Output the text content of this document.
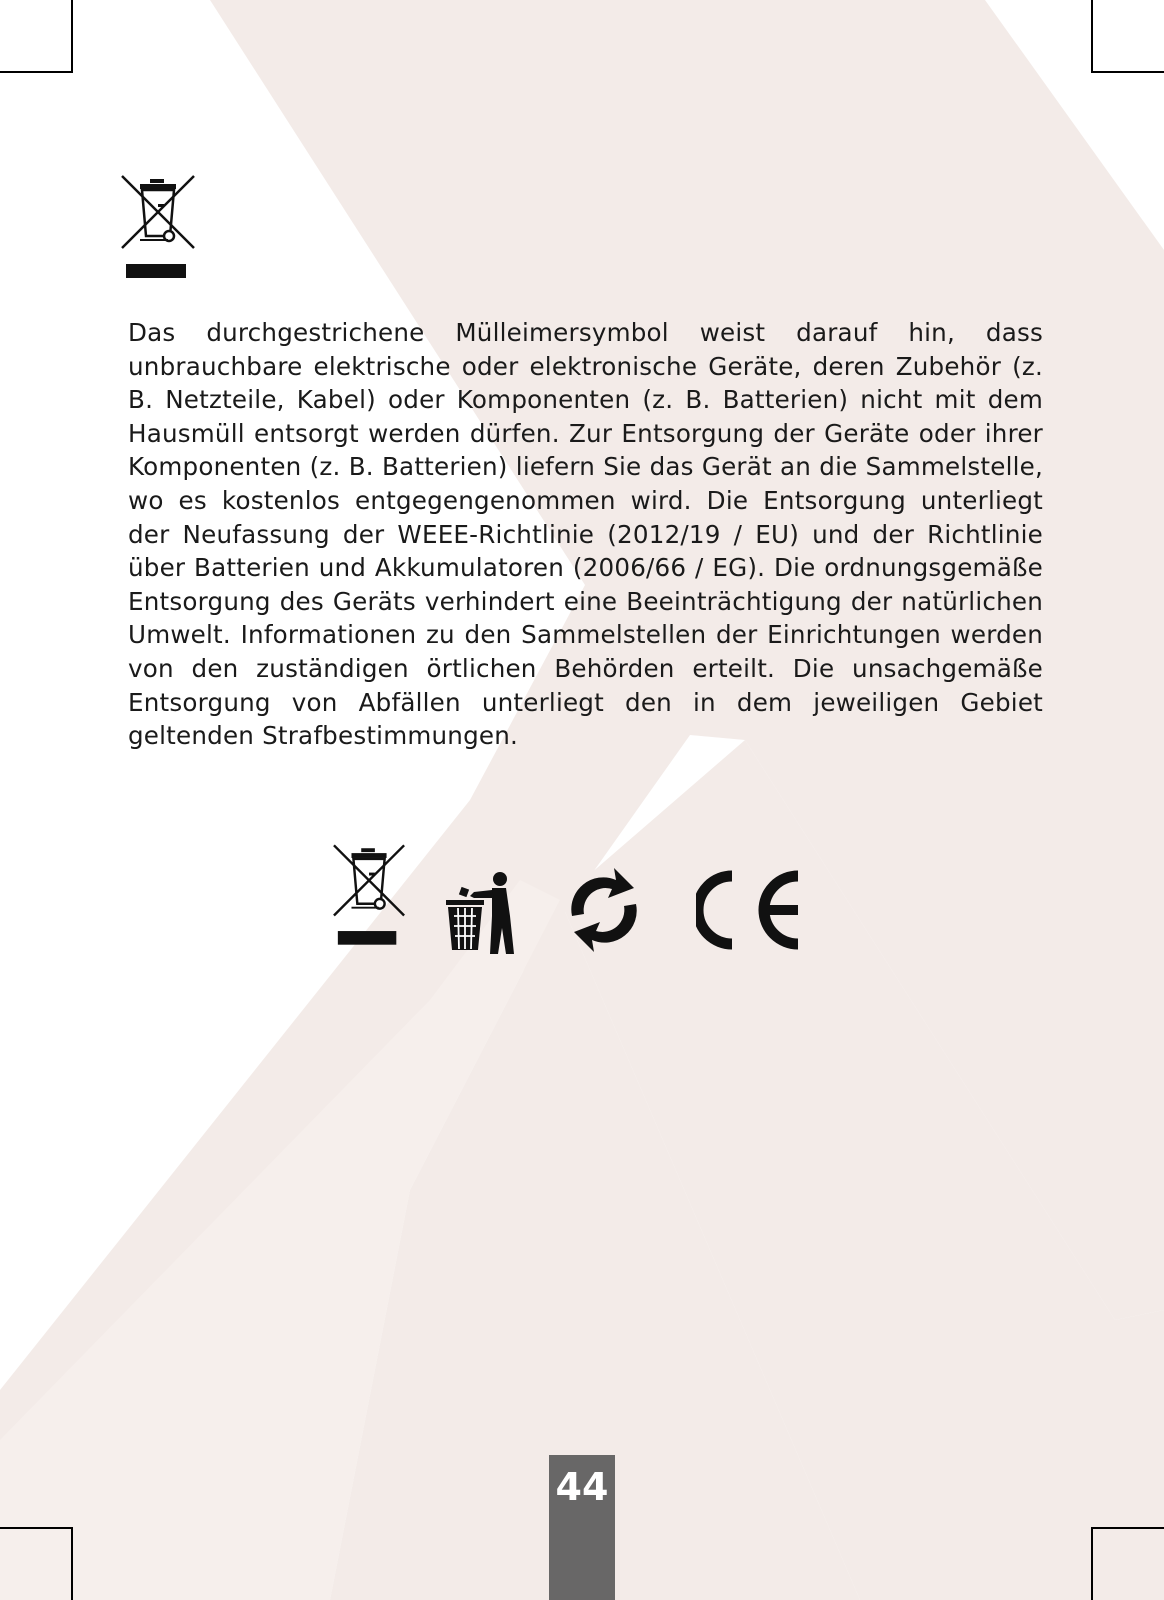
Das durchgestrichene Mülleimersymbol weist darauf hin, dass unbrauchbare elektrische oder elektronische Geräte, deren Zubehör (z. B. Netzteile, Kabel) oder Komponenten (z. B. Batterien) nicht mit dem Hausmüll entsorgt werden dürfen. Zur Entsorgung der Geräte oder ihrer Komponenten (z. B. Batterien) liefern Sie das Gerät an die Sammelstelle, wo es kostenlos entgegengenommen wird. Die Entsorgung unterliegt der Neufassung der WEEE-Richtlinie (2012/19 / EU) und der Richtlinie über Batterien und Akkumulatoren (2006/66 / EG). Die ordnungsgemäße Entsorgung des Geräts verhindert eine Beeinträchtigung der natürlichen Umwelt. Informationen zu den Sammelstellen der Einrichtungen werden von den zuständigen örtlichen Behörden erteilt. Die unsachgemäße Entsorgung von Abfällen unterliegt den in dem jeweiligen Gebiet geltenden Strafbestimmungen.

44
